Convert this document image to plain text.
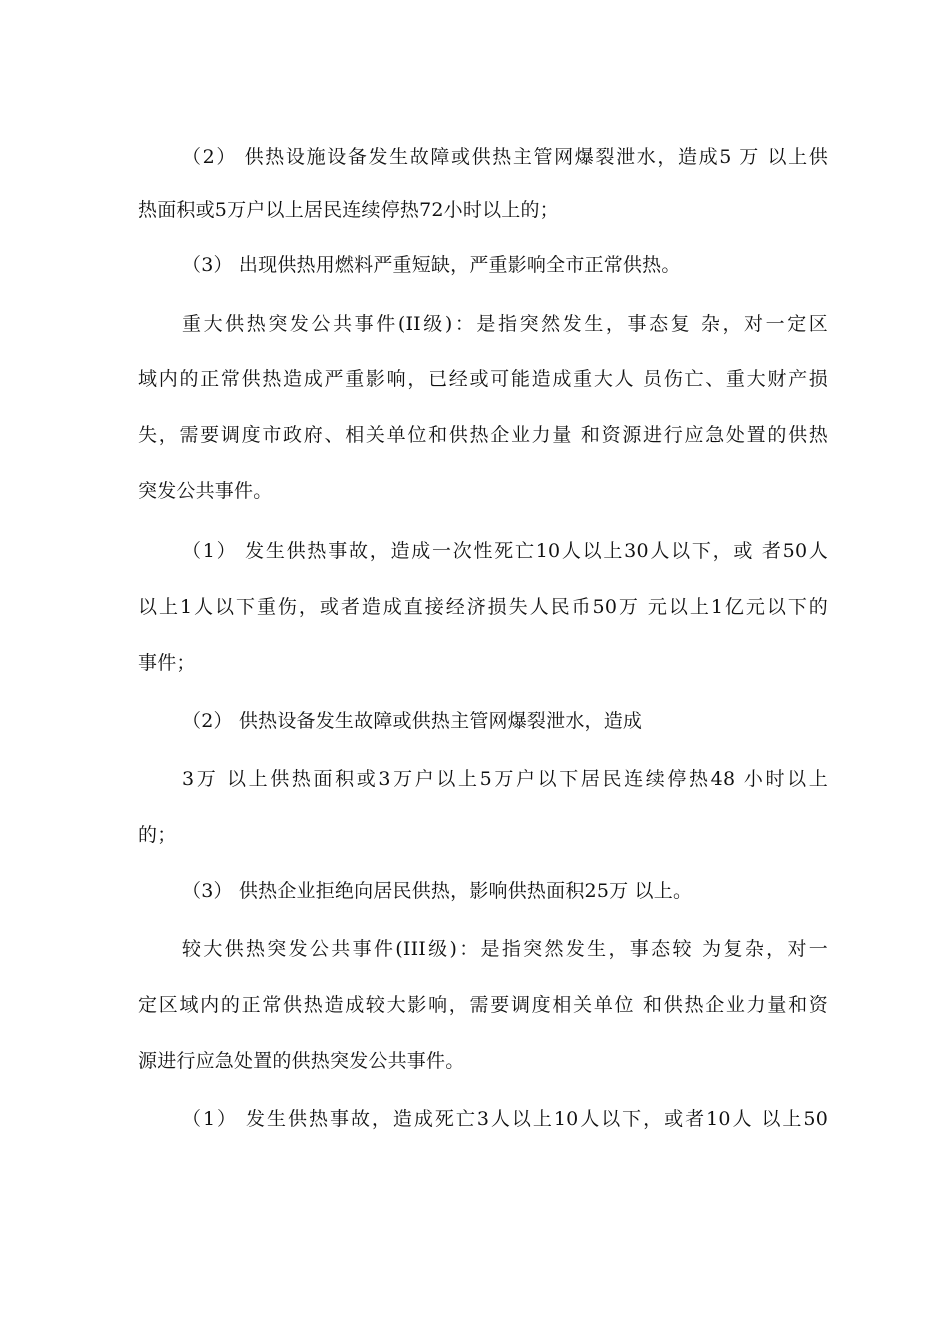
（2） 供热设施设备发生故障或供热主管网爆裂泄水，造成5 万 以上供
热面积或5万户以上居民连续停热72小时以上的；
（3） 出现供热用燃料严重短缺，严重影响全市正常供热。
重大供热突发公共事件(II级)：是指突然发生，事态复 杂，对一定区
域内的正常供热造成严重影响，已经或可能造成重大人 员伤亡、重大财产损
失，需要调度市政府、相关单位和供热企业力量 和资源进行应急处置的供热
突发公共事件。
（1） 发生供热事故，造成一次性死亡10人以上30人以下，或 者50人
以上1人以下重伤，或者造成直接经济损失人民币50万 元以上1亿元以下的
事件；
（2） 供热设备发生故障或供热主管网爆裂泄水，造成
3万 以上供热面积或3万户以上5万户以下居民连续停热48 小时以上
的；
（3） 供热企业拒绝向居民供热，影响供热面积25万 以上。
较大供热突发公共事件(III级)：是指突然发生，事态较 为复杂，对一
定区域内的正常供热造成较大影响，需要调度相关单位 和供热企业力量和资
源进行应急处置的供热突发公共事件。
（1） 发生供热事故，造成死亡3人以上10人以下，或者10人 以上50
